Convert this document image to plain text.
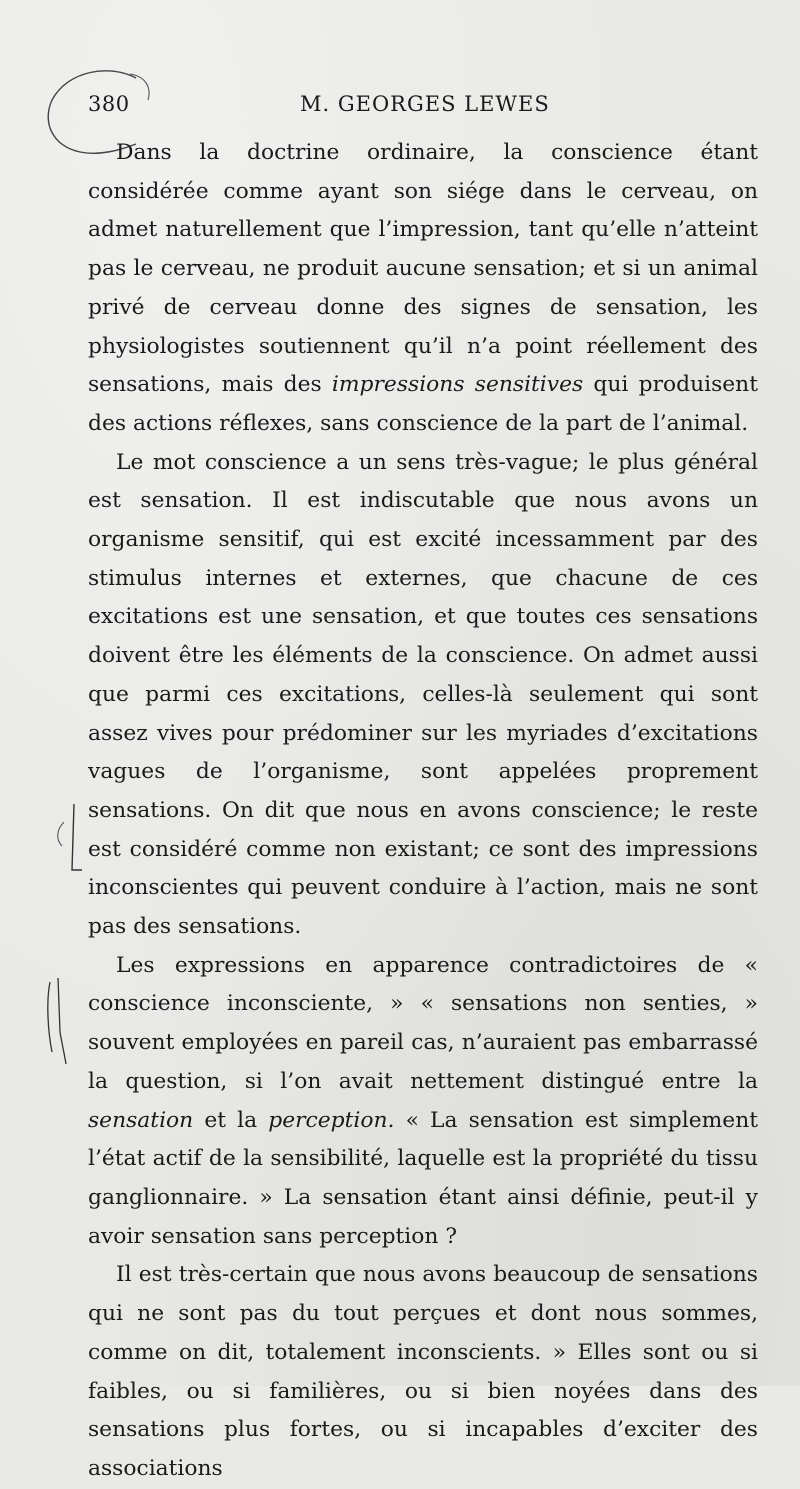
380	M. GEORGES LEWES

Dans la doctrine ordinaire, la conscience étant considérée comme ayant son siége dans le cerveau, on admet naturellement que l’impression, tant qu’elle n’atteint pas le cerveau, ne produit aucune sensation; et si un animal privé de cerveau donne des signes de sensation, les physiologistes soutiennent qu’il n’a point réellement des sensations, mais des impressions sensitives qui produisent des actions réflexes, sans conscience de la part de l’animal.

Le mot conscience a un sens très-vague; le plus général est sensation. Il est indiscutable que nous avons un organisme sensitif, qui est excité incessamment par des stimulus internes et externes, que chacune de ces excitations est une sensation, et que toutes ces sensations doivent être les éléments de la conscience. On admet aussi que parmi ces excitations, celles-là seulement qui sont assez vives pour prédominer sur les myriades d’excitations vagues de l’organisme, sont appelées proprement sensations. On dit que nous en avons conscience; le reste est considéré comme non existant; ce sont des impressions inconscientes qui peuvent conduire à l’action, mais ne sont pas des sensations.

Les expressions en apparence contradictoires de « conscience inconsciente, » « sensations non senties, » souvent employées en pareil cas, n’auraient pas embarrassé la question, si l’on avait nettement distingué entre la sensation et la perception. « La sensation est simplement l’état actif de la sensibilité, laquelle est la propriété du tissu ganglionnaire. » La sensation étant ainsi définie, peut-il y avoir sensation sans perception ?

Il est très-certain que nous avons beaucoup de sensations qui ne sont pas du tout perçues et dont nous sommes, comme on dit, totalement inconscients. » Elles sont ou si faibles, ou si familières, ou si bien noyées dans des sensations plus fortes, ou si incapables d’exciter des associations
